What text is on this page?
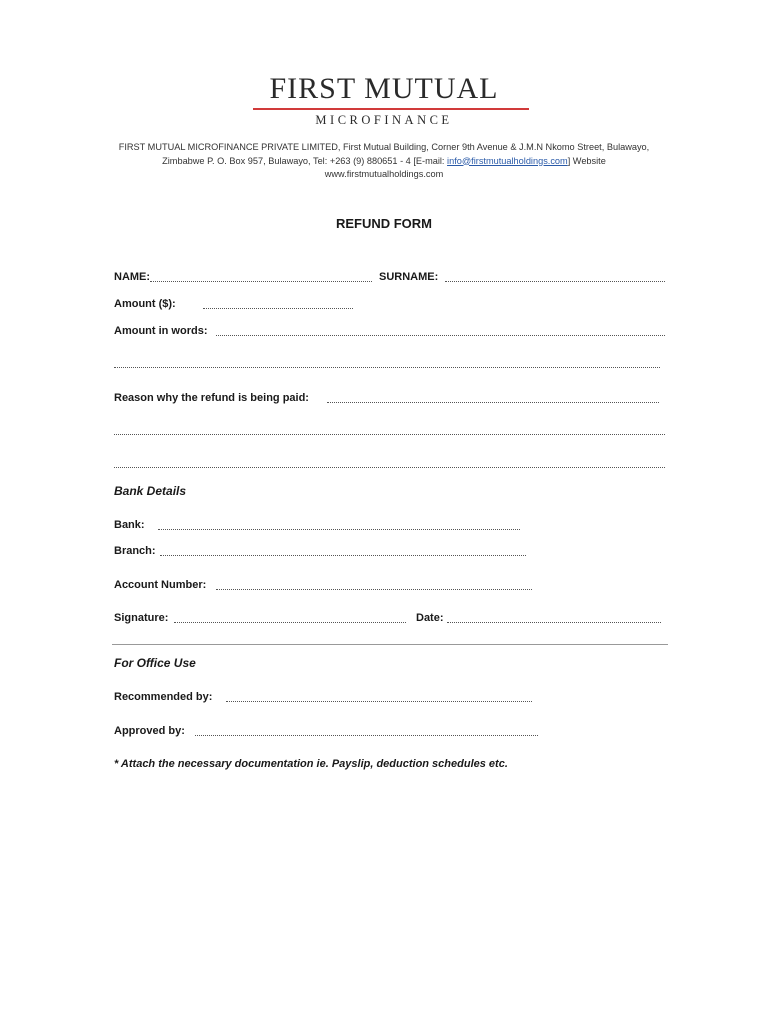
FIRST MUTUAL
MICROFINANCE
FIRST MUTUAL MICROFINANCE PRIVATE LIMITED, First Mutual Building, Corner 9th Avenue & J.M.N Nkomo Street, Bulawayo,
Zimbabwe P. O. Box 957, Bulawayo, Tel: +263 (9) 880651 - 4 [E-mail: info@firstmutualholdings.com] Website
www.firstmutualholdings.com
REFUND FORM
NAME:	SURNAME:
Amount ($):
Amount in words:
Reason why the refund is being paid:
Bank Details
Bank:
Branch:
Account Number:
Signature:	Date:
For Office Use
Recommended by:
Approved by:
* Attach the necessary documentation ie. Payslip, deduction schedules etc.
